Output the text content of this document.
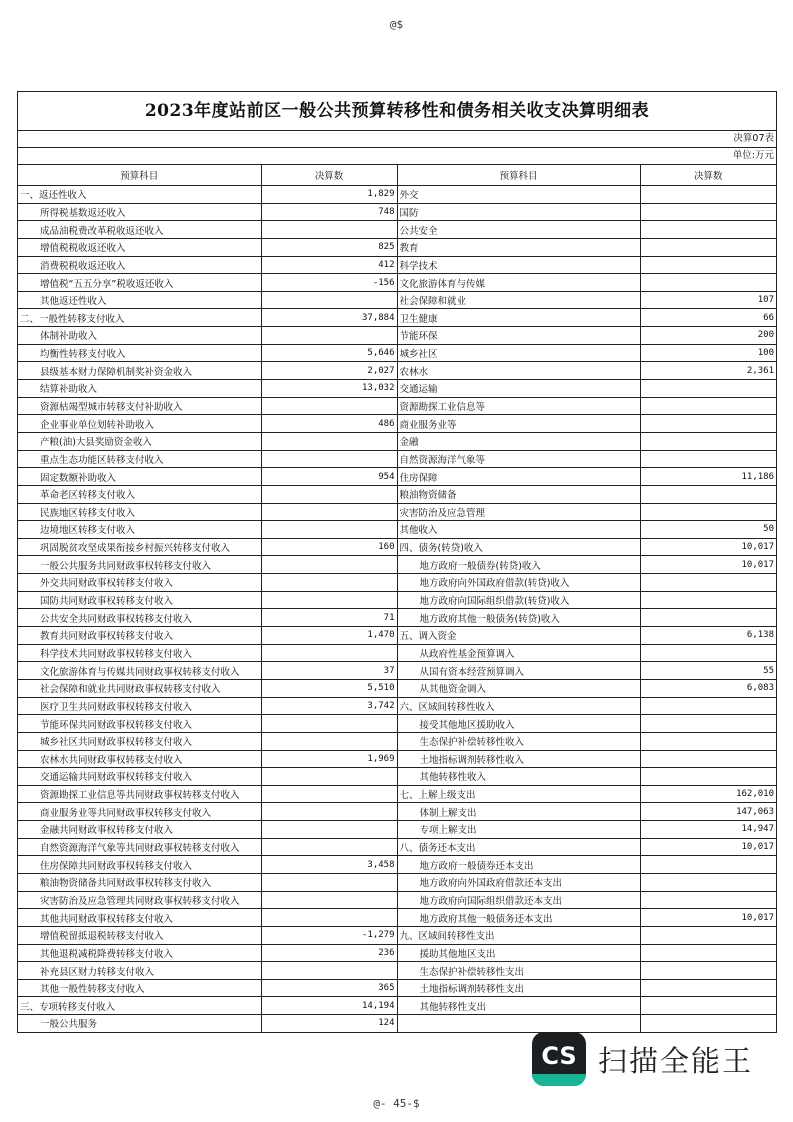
@$
2023年度站前区一般公共预算转移性和债务相关收支决算明细表
决算07表
单位:万元
预算科目	决算数	预算科目	决算数
一、返还性收入	1,829	外交	
所得税基数返还收入	748	国防	
成品油税费改革税收返还收入		公共安全	
增值税税收返还收入	825	教育	
消费税税收返还收入	412	科学技术	
增值税“五五分享”税收返还收入	-156	文化旅游体育与传媒	
其他返还性收入		社会保障和就业	107
二、一般性转移支付收入	37,884	卫生健康	66
体制补助收入		节能环保	200
均衡性转移支付收入	5,646	城乡社区	100
县级基本财力保障机制奖补资金收入	2,027	农林水	2,361
结算补助收入	13,032	交通运输	
资源枯竭型城市转移支付补助收入		资源勘探工业信息等	
企业事业单位划转补助收入	486	商业服务业等	
产粮(油)大县奖励资金收入		金融	
重点生态功能区转移支付收入		自然资源海洋气象等	
固定数额补助收入	954	住房保障	11,186
革命老区转移支付收入		粮油物资储备	
民族地区转移支付收入		灾害防治及应急管理	
边境地区转移支付收入		其他收入	50
巩固脱贫攻坚成果衔接乡村振兴转移支付收入	160	四、债务(转贷)收入	10,017
一般公共服务共同财政事权转移支付收入		地方政府一般债券(转贷)收入	10,017
外交共同财政事权转移支付收入		地方政府向外国政府借款(转贷)收入	
国防共同财政事权转移支付收入		地方政府向国际组织借款(转贷)收入	
公共安全共同财政事权转移支付收入	71	地方政府其他一般债务(转贷)收入	
教育共同财政事权转移支付收入	1,470	五、调入资金	6,138
科学技术共同财政事权转移支付收入		从政府性基金预算调入	
文化旅游体育与传媒共同财政事权转移支付收入	37	从国有资本经营预算调入	55
社会保障和就业共同财政事权转移支付收入	5,510	从其他资金调入	6,083
医疗卫生共同财政事权转移支付收入	3,742	六、区域间转移性收入	
节能环保共同财政事权转移支付收入		接受其他地区援助收入	
城乡社区共同财政事权转移支付收入		生态保护补偿转移性收入	
农林水共同财政事权转移支付收入	1,969	土地指标调剂转移性收入	
交通运输共同财政事权转移支付收入		其他转移性收入	
资源勘探工业信息等共同财政事权转移支付收入		七、上解上级支出	162,010
商业服务业等共同财政事权转移支付收入		体制上解支出	147,063
金融共同财政事权转移支付收入		专项上解支出	14,947
自然资源海洋气象等共同财政事权转移支付收入		八、债务还本支出	10,017
住房保障共同财政事权转移支付收入	3,458	地方政府一般债券还本支出	
粮油物资储备共同财政事权转移支付收入		地方政府向外国政府借款还本支出	
灾害防治及应急管理共同财政事权转移支付收入		地方政府向国际组织借款还本支出	
其他共同财政事权转移支付收入		地方政府其他一般债务还本支出	10,017
增值税留抵退税转移支付收入	-1,279	九、区域间转移性支出	
其他退税减税降费转移支付收入	236	援助其他地区支出	
补充县区财力转移支付收入		生态保护补偿转移性支出	
其他一般性转移支付收入	365	土地指标调剂转移性支出	
三、专项转移支付收入	14,194	其他转移性支出	
一般公共服务	124		
CS 扫描全能王
@- 45-$
